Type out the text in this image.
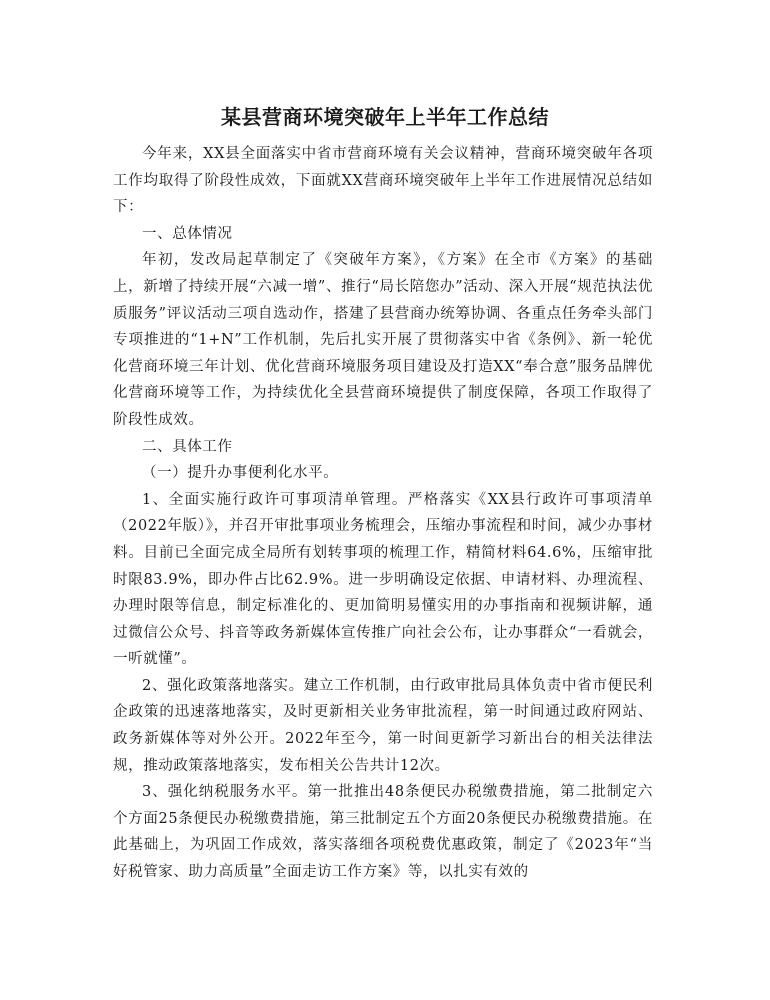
某县营商环境突破年上半年工作总结

今年来，XX县全面落实中省市营商环境有关会议精神，营商环境突破年各项工作均取得了阶段性成效，下面就XX营商环境突破年上半年工作进展情况总结如下：

一、总体情况

年初，发改局起草制定了《突破年方案》，《方案》在全市《方案》的基础上，新增了持续开展“六减一增”、推行“局长陪您办”活动、深入开展“规范执法优质服务”评议活动三项自选动作，搭建了县营商办统筹协调、各重点任务牵头部门专项推进的“1+N”工作机制，先后扎实开展了贯彻落实中省《条例》、新一轮优化营商环境三年计划、优化营商环境服务项目建设及打造XX“奉合意”服务品牌优化营商环境等工作，为持续优化全县营商环境提供了制度保障，各项工作取得了阶段性成效。

二、具体工作

（一）提升办事便利化水平。

1、全面实施行政许可事项清单管理。严格落实《XX县行政许可事项清单（2022年版）》，并召开审批事项业务梳理会，压缩办事流程和时间，减少办事材料。目前已全面完成全局所有划转事项的梳理工作，精简材料64.6%，压缩审批时限83.9%，即办件占比62.9%。进一步明确设定依据、申请材料、办理流程、办理时限等信息，制定标准化的、更加简明易懂实用的办事指南和视频讲解，通过微信公众号、抖音等政务新媒体宣传推广向社会公布，让办事群众“一看就会，一听就懂”。

2、强化政策落地落实。建立工作机制，由行政审批局具体负责中省市便民利企政策的迅速落地落实，及时更新相关业务审批流程，第一时间通过政府网站、政务新媒体等对外公开。2022年至今，第一时间更新学习新出台的相关法律法规，推动政策落地落实，发布相关公告共计12次。

3、强化纳税服务水平。第一批推出48条便民办税缴费措施，第二批制定六个方面25条便民办税缴费措施，第三批制定五个方面20条便民办税缴费措施。在此基础上，为巩固工作成效，落实落细各项税费优惠政策，制定了《2023年“当好税管家、助力高质量”全面走访工作方案》等，以扎实有效的
